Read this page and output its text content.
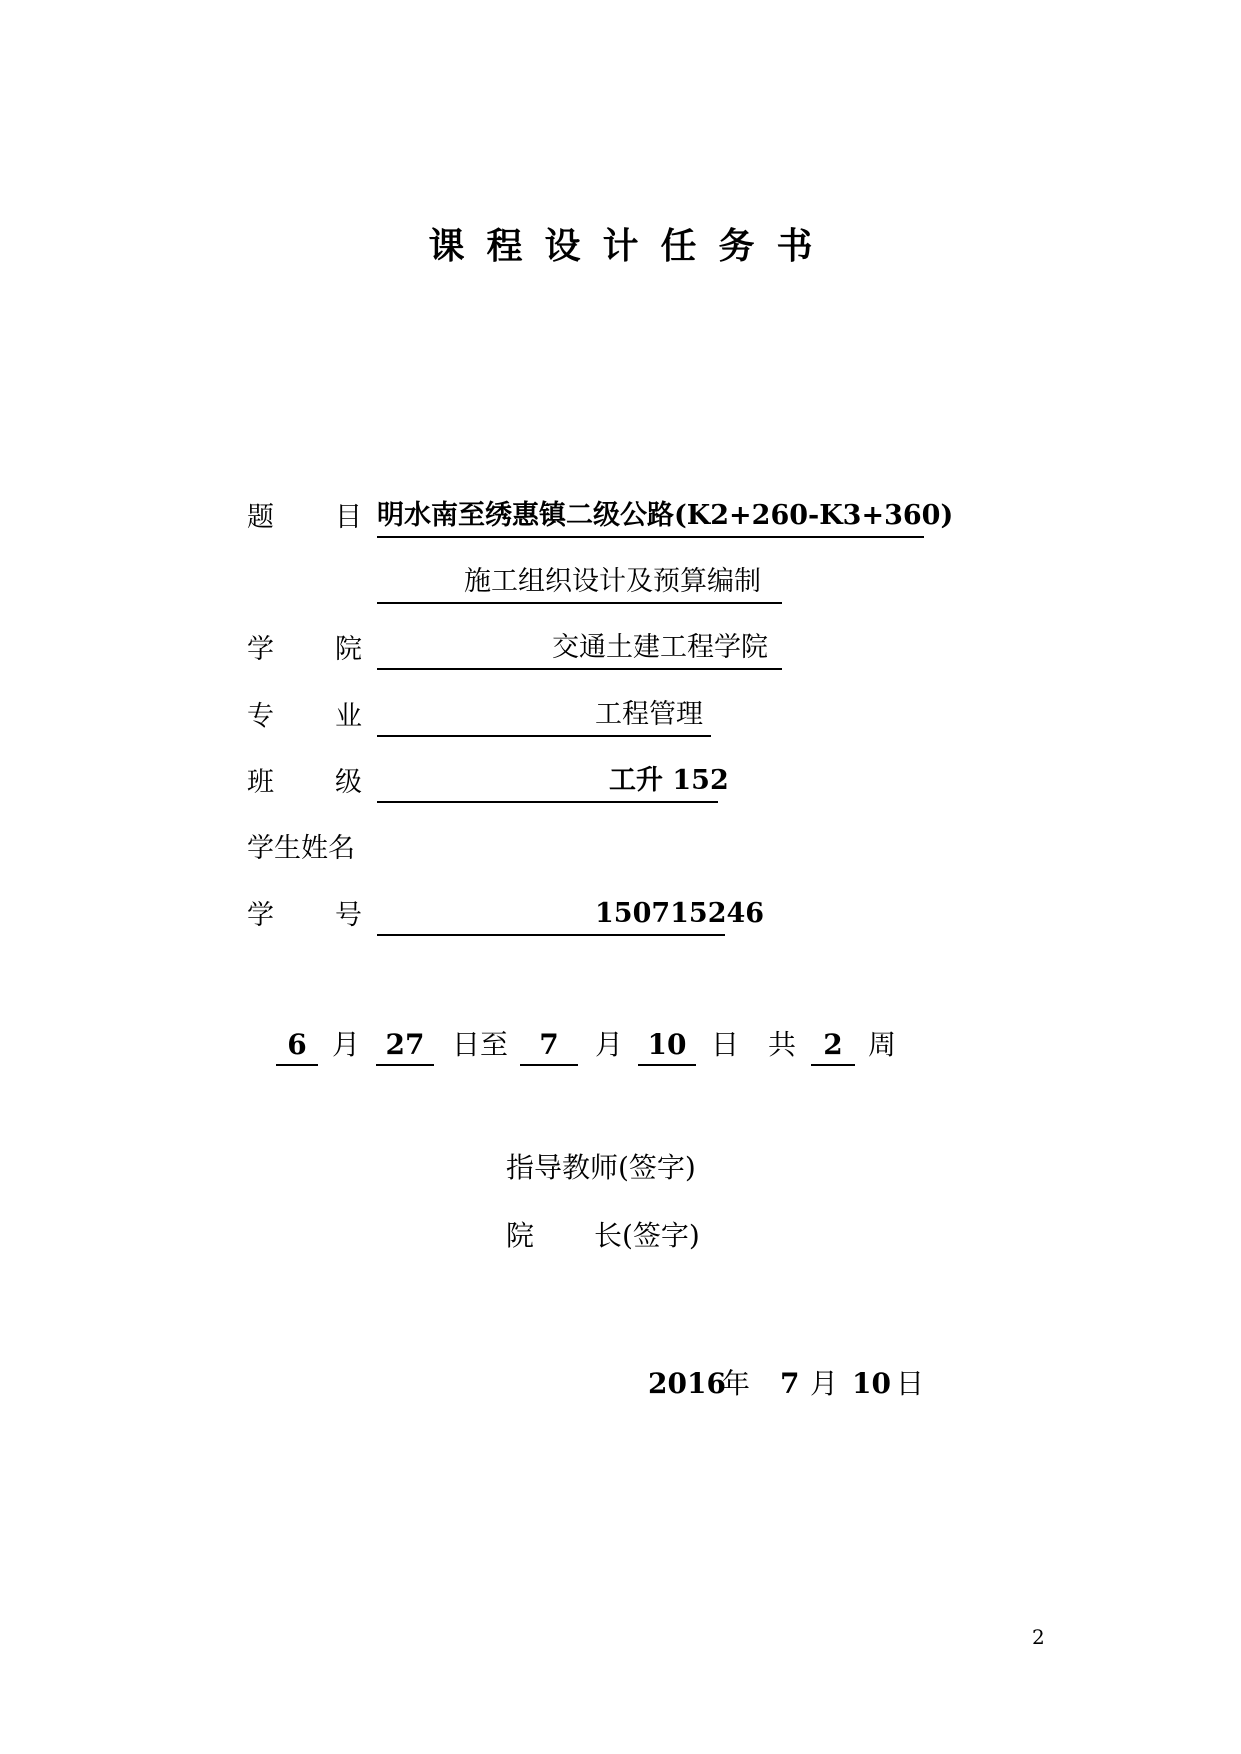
课程设计任务书
题 目 明水南至绣惠镇二级公路(K2+260-K3+360)
施工组织设计及预算编制
学 院	交通土建工程学院
专 业	工程管理
班 级	工升 152
学生姓名
学 号	150715246
6 月 27 日至	7	月 10 日 共 2 周
指导教师(签字)
院 长(签字)
2016
年 7 月 10 日
2
